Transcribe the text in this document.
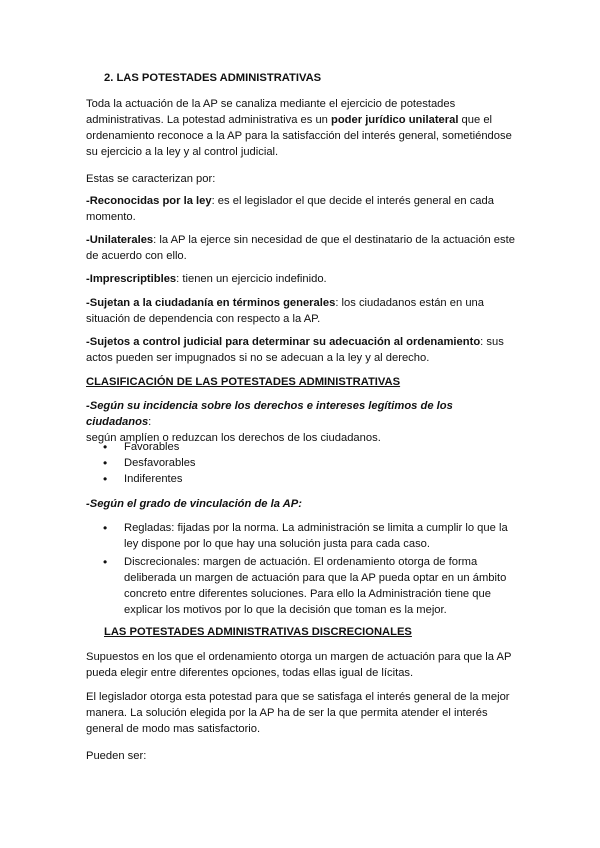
2. LAS POTESTADES ADMINISTRATIVAS
Toda la actuación de la AP se canaliza mediante el ejercicio de potestades administrativas. La potestad administrativa es un poder jurídico unilateral que el ordenamiento reconoce a la AP para la satisfacción del interés general, sometiéndose su ejercicio a la ley y al control judicial.
Estas se caracterizan por:
-Reconocidas por la ley: es el legislador el que decide el interés general en cada momento.
-Unilaterales: la AP la ejerce sin necesidad de que el destinatario de la actuación este de acuerdo con ello.
-Imprescriptibles: tienen un ejercicio indefinido.
-Sujetan a la ciudadanía en términos generales: los ciudadanos están en una situación de dependencia con respecto a la AP.
-Sujetos a control judicial para determinar su adecuación al ordenamiento: sus actos pueden ser impugnados si no se adecuan a la ley y al derecho.
CLASIFICACIÓN DE LAS POTESTADES ADMINISTRATIVAS
-Según su incidencia sobre los derechos e intereses legítimos de los ciudadanos:
según amplíen o reduzcan los derechos de los ciudadanos.
• Favorables
• Desfavorables
• Indiferentes
-Según el grado de vinculación de la AP:
• Regladas: fijadas por la norma. La administración se limita a cumplir lo que la ley dispone por lo que hay una solución justa para cada caso.
• Discrecionales: margen de actuación. El ordenamiento otorga de forma deliberada un margen de actuación para que la AP pueda optar en un ámbito concreto entre diferentes soluciones. Para ello la Administración tiene que explicar los motivos por lo que la decisión que toman es la mejor.
LAS POTESTADES ADMINISTRATIVAS DISCRECIONALES
Supuestos en los que el ordenamiento otorga un margen de actuación para que la AP pueda elegir entre diferentes opciones, todas ellas igual de lícitas.
El legislador otorga esta potestad para que se satisfaga el interés general de la mejor manera. La solución elegida por la AP ha de ser la que permita atender el interés general de modo mas satisfactorio.
Pueden ser:
